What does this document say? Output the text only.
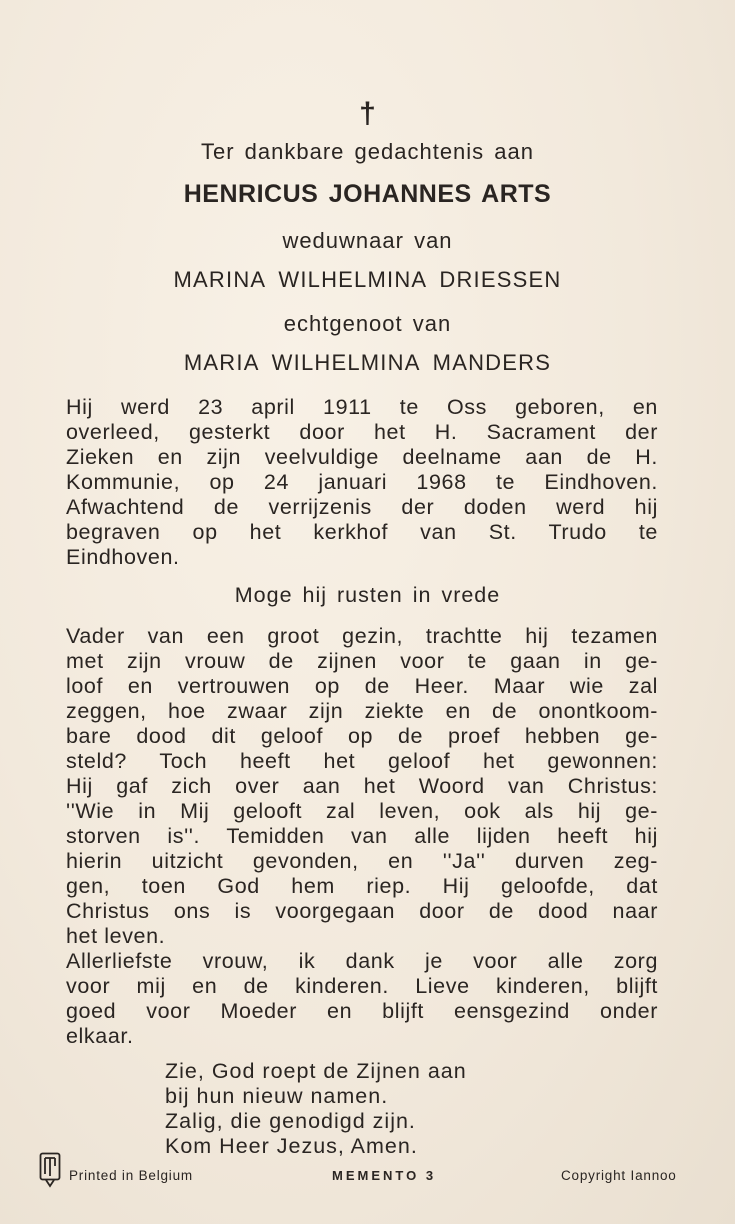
†
Ter dankbare gedachtenis aan
HENRICUS JOHANNES ARTS
weduwnaar van
MARINA WILHELMINA DRIESSEN
echtgenoot van
MARIA WILHELMINA MANDERS
Hij werd 23 april 1911 te Oss geboren, en
overleed, gesterkt door het H. Sacrament der
Zieken en zijn veelvuldige deelname aan de H.
Kommunie, op 24 januari 1968 te Eindhoven.
Afwachtend de verrijzenis der doden werd hij
begraven op het kerkhof van St. Trudo te
Eindhoven.
Moge hij rusten in vrede
Vader van een groot gezin, trachtte hij tezamen
met zijn vrouw de zijnen voor te gaan in ge-
loof en vertrouwen op de Heer. Maar wie zal
zeggen, hoe zwaar zijn ziekte en de onontkoom-
bare dood dit geloof op de proef hebben ge-
steld? Toch heeft het geloof het gewonnen:
Hij gaf zich over aan het Woord van Christus:
''Wie in Mij gelooft zal leven, ook als hij ge-
storven is''. Temidden van alle lijden heeft hij
hierin uitzicht gevonden, en ''Ja'' durven zeg-
gen, toen God hem riep. Hij geloofde, dat
Christus ons is voorgegaan door de dood naar
het leven.
Allerliefste vrouw, ik dank je voor alle zorg
voor mij en de kinderen. Lieve kinderen, blijft
goed voor Moeder en blijft eensgezind onder
elkaar.
Zie, God roept de Zijnen aan
bij hun nieuw namen.
Zalig, die genodigd zijn.
Kom Heer Jezus, Amen.
Printed in Belgium	MEMENTO 3	Copyright Iannoo
